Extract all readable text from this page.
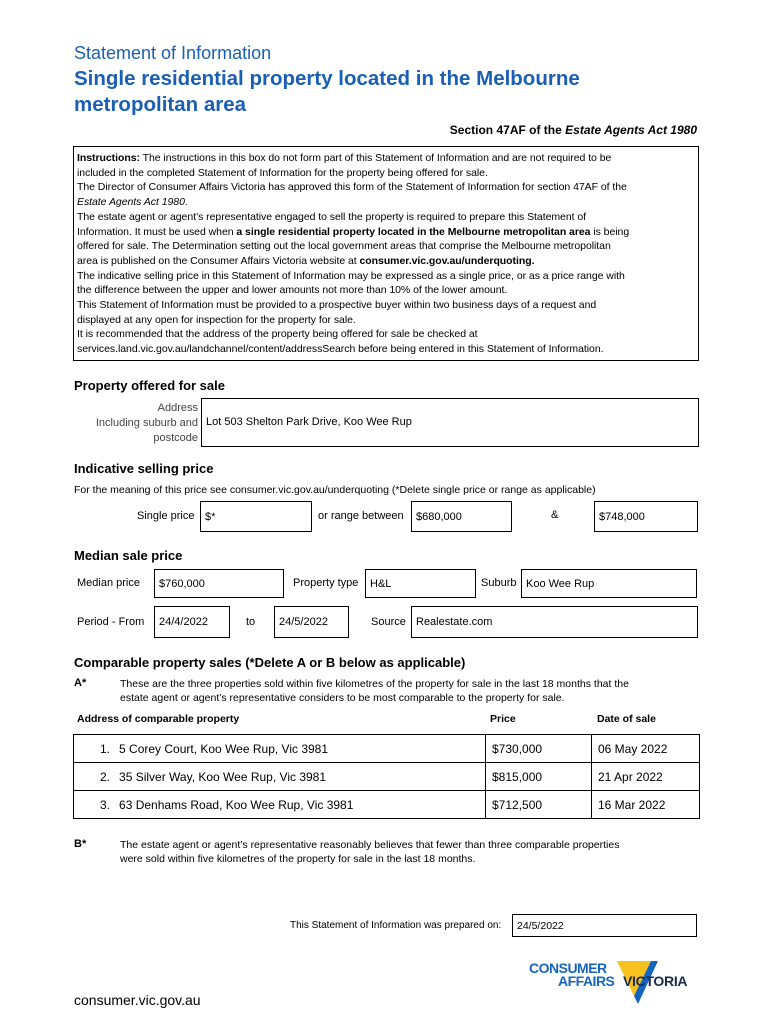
Statement of Information
Single residential property located in the Melbourne
metropolitan area
Section 47AF of the Estate Agents Act 1980
Instructions: The instructions in this box do not form part of this Statement of Information and are not required to be
included in the completed Statement of Information for the property being offered for sale.
The Director of Consumer Affairs Victoria has approved this form of the Statement of Information for section 47AF of the
Estate Agents Act 1980.
The estate agent or agent’s representative engaged to sell the property is required to prepare this Statement of
Information. It must be used when a single residential property located in the Melbourne metropolitan area is being
offered for sale. The Determination setting out the local government areas that comprise the Melbourne metropolitan
area is published on the Consumer Affairs Victoria website at consumer.vic.gov.au/underquoting.
The indicative selling price in this Statement of Information may be expressed as a single price, or as a price range with
the difference between the upper and lower amounts not more than 10% of the lower amount.
This Statement of Information must be provided to a prospective buyer within two business days of a request and
displayed at any open for inspection for the property for sale.
It is recommended that the address of the property being offered for sale be checked at
services.land.vic.gov.au/landchannel/content/addressSearch before being entered in this Statement of Information.
Property offered for sale
Address
Including suburb and
postcode
Lot 503 Shelton Park Drive, Koo Wee Rup
Indicative selling price
For the meaning of this price see consumer.vic.gov.au/underquoting (*Delete single price or range as applicable)
Single price $*	or range between $680,000	&	$748,000
Median sale price
Median price $760,000	Property type H&L	Suburb Koo Wee Rup
Period - From 24/4/2022	to 24/5/2022	Source Realestate.com
Comparable property sales (*Delete A or B below as applicable)
A*	These are the three properties sold within five kilometres of the property for sale in the last 18 months that the
estate agent or agent’s representative considers to be most comparable to the property for sale.
Address of comparable property	Price	Date of sale
1. 5 Corey Court, Koo Wee Rup, Vic 3981	$730,000	06 May 2022
2. 35 Silver Way, Koo Wee Rup, Vic 3981	$815,000	21 Apr 2022
3. 63 Denhams Road, Koo Wee Rup, Vic 3981	$712,500	16 Mar 2022
B*	The estate agent or agent’s representative reasonably believes that fewer than three comparable properties
were sold within five kilometres of the property for sale in the last 18 months.
This Statement of Information was prepared on: 24/5/2022
consumer.vic.gov.au
CONSUMER
AFFAIRS VICTORIA
